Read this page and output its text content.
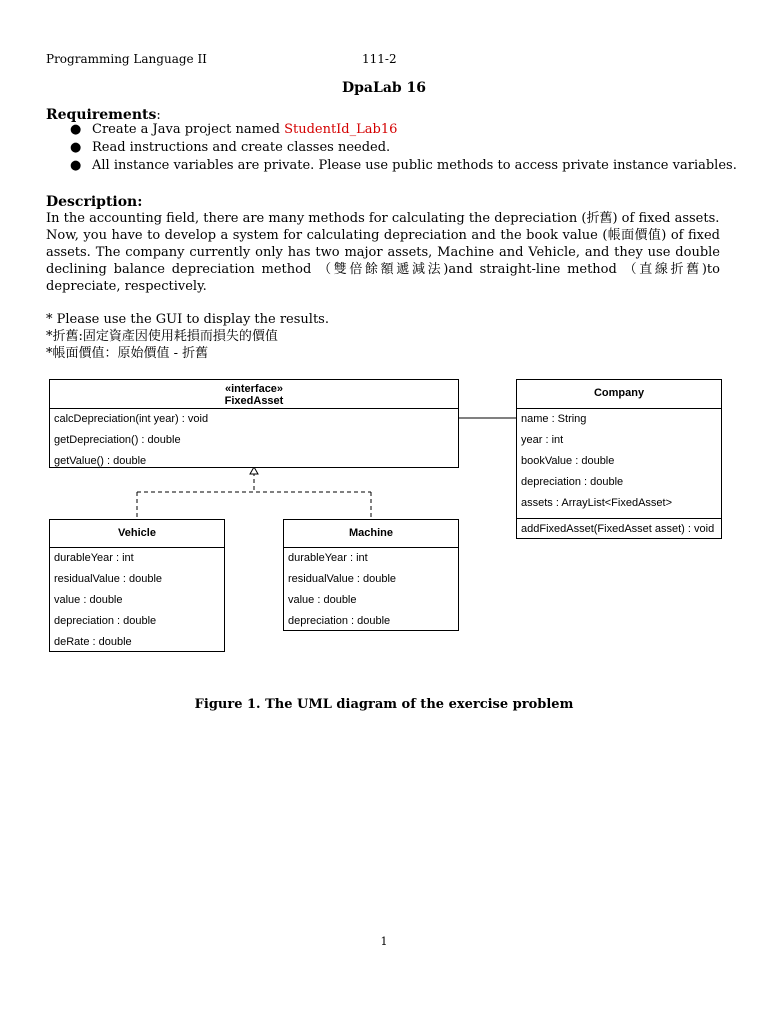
Programming Language II	111-2
DpaLab 16
Requirements:
● Create a Java project named StudentId_Lab16
● Read instructions and create classes needed.
● All instance variables are private. Please use public methods to access private instance variables.
Description:
In the accounting field, there are many methods for calculating the depreciation (折舊) of fixed assets.
Now, you have to develop a system for calculating depreciation and the book value (帳面價值) of fixed
assets. The company currently only has two major assets, Machine and Vehicle, and they use double
declining balance depreciation method （雙倍餘額遞減法)and straight-line method （直線折舊)to
depreciate, respectively.
* Please use the GUI to display the results.
*折舊:固定資產因使用耗損而損失的價值
*帳面價值：原始價值 - 折舊
«interface»
FixedAsset
calcDepreciation(int year) : void
getDepreciation() : double
getValue() : double
Company
name : String
year : int
bookValue : double
depreciation : double
assets : ArrayList<FixedAsset>
addFixedAsset(FixedAsset asset) : void
Vehicle
durableYear : int
residualValue : double
value : double
depreciation : double
deRate : double
Machine
durableYear : int
residualValue : double
value : double
depreciation : double
Figure 1. The UML diagram of the exercise problem
1
